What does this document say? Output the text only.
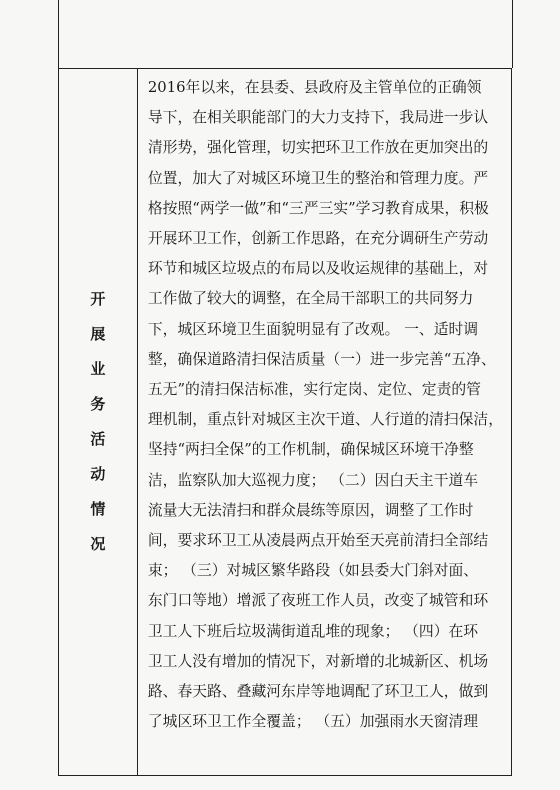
开
展
业
务
活
动
情
况

2016年以来，在县委、县政府及主管单位的正确领
导下，在相关职能部门的大力支持下，我局进一步认
清形势，强化管理，切实把环卫工作放在更加突出的
位置，加大了对城区环境卫生的整治和管理力度。严
格按照“两学一做”和“三严三实”学习教育成果，积极
开展环卫工作，创新工作思路，在充分调研生产劳动
环节和城区垃圾点的布局以及收运规律的基础上，对
工作做了较大的调整，在全局干部职工的共同努力
下，城区环境卫生面貌明显有了改观。 一、适时调
整，确保道路清扫保洁质量（一）进一步完善“五净、
五无”的清扫保洁标准，实行定岗、定位、定责的管
理机制，重点针对城区主次干道、人行道的清扫保洁，
坚持“两扫全保”的工作机制，确保城区环境干净整
洁，监察队加大巡视力度； （二）因白天主干道车
流量大无法清扫和群众晨练等原因，调整了工作时
间，要求环卫工从凌晨两点开始至天亮前清扫全部结
束； （三）对城区繁华路段（如县委大门斜对面、
东门口等地）增派了夜班工作人员，改变了城管和环
卫工人下班后垃圾满街道乱堆的现象； （四）在环
卫工人没有增加的情况下，对新增的北城新区、机场
路、春天路、叠藏河东岸等地调配了环卫工人，做到
了城区环卫工作全覆盖； （五）加强雨水天窗清理
